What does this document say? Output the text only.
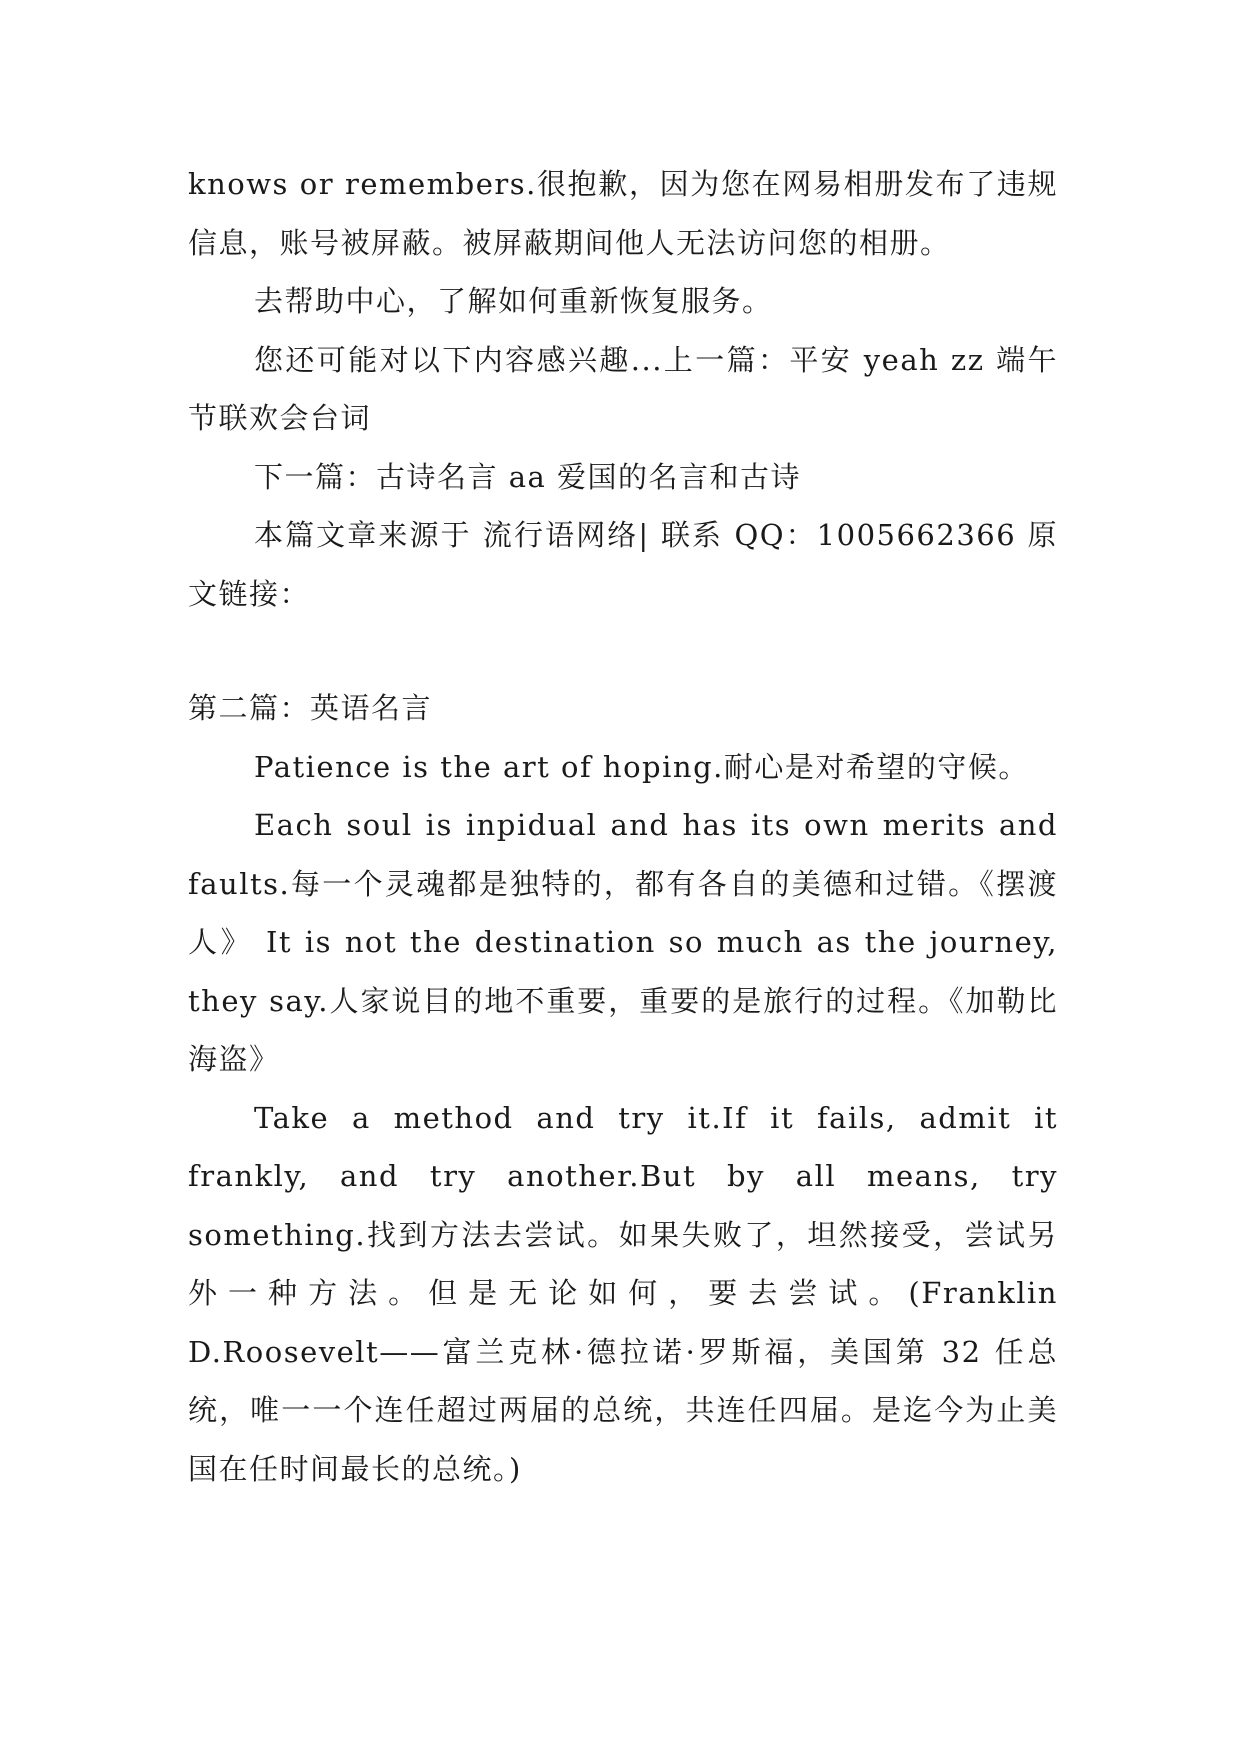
knows or remembers.很抱歉，因为您在网易相册发布了违规信息，账号被屏蔽。被屏蔽期间他人无法访问您的相册。

去帮助中心，了解如何重新恢复服务。

您还可能对以下内容感兴趣...上一篇：平安 yeah zz 端午节联欢会台词

下一篇：古诗名言 aa 爱国的名言和古诗

本篇文章来源于 流行语网络| 联系 QQ：1005662366 原文链接：

第二篇：英语名言

Patience is the art of hoping.耐心是对希望的守候。

Each soul is inpidual and has its own merits and faults.每一个灵魂都是独特的，都有各自的美德和过错。《摆渡人》 It is not the destination so much as the journey, they say.人家说目的地不重要，重要的是旅行的过程。《加勒比海盗》

Take a method and try it.If it fails, admit it frankly, and try another.But by all means, try something.找到方法去尝试。如果失败了，坦然接受，尝试另外一种方法。但是无论如何，要去尝试。(Franklin D.Roosevelt——富兰克林·德拉诺·罗斯福，美国第 32 任总统，唯一一个连任超过两届的总统，共连任四届。是迄今为止美国在任时间最长的总统。)
